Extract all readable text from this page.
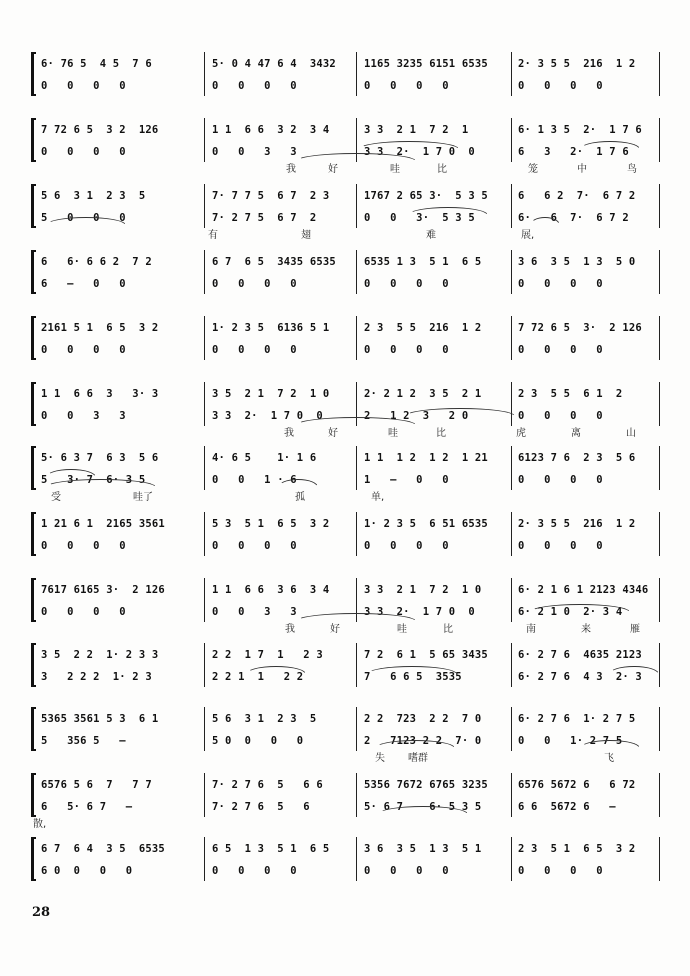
6· 76 5  4 5  7 6
0   0   0   0
5· 0 4 47 6 4  3432
0   0   0   0
1165 3235 6151 6535
0   0   0   0
2· 3 5 5  216  1 2
0   0   0   0
7 72 6 5  3 2  126
0   0   0   0
1 1  6 6  3 2  3 4
0   0   3   3
3 3  2 1  7 2  1
3 3  2·  1 7 0  0
6· 1 3 5  2·  1 7 6
6   3   2·  1 7 6
我	好	哇	比	笼	中	鸟
5 6  3 1  2 3  5
5   0   0   0
7· 7 7 5  6 7  2 3
7· 2 7 5  6 7  2
1767 2 65 3·  5 3 5
0   0   3·  5 3 5
6   6 2  7·  6 7 2
6·   6  7·  6 7 2
有	翅	难	展,
6   6· 6 6 2  7 2
6   —   0   0
6 7  6 5  3435 6535
0   0   0   0
6535 1 3  5 1  6 5
0   0   0   0
3 6  3 5  1 3  5 0
0   0   0   0
2161 5 1  6 5  3 2
0   0   0   0
1· 2 3 5  6136 5 1
0   0   0   0
2 3  5 5  216  1 2
0   0   0   0
7 72 6 5  3·  2 126
0   0   0   0
1 1  6 6  3   3· 3
0   0   3   3
3 5  2 1  7 2  1 0
3 3  2·  1 7 0  0
2· 2 1 2  3 5  2 1
2   1 2  3   2 0
2 3  5 5  6 1  2
0   0   0   0
我	好	哇	比	虎	离	山
5· 6 3 7  6 3  5 6
5   3· 7  6· 3 5
4· 6 5    1· 1 6
0   0   1 · 6
1 1  1 2  1 2  1 21
1   —   0   0
6123 7 6  2 3  5 6
0   0   0   0
受	哇了	孤	单,
1 21 6 1  2165 3561
0   0   0   0
5 3  5 1  6 5  3 2
0   0   0   0
1· 2 3 5  6 51 6535
0   0   0   0
2· 3 5 5  216  1 2
0   0   0   0
7617 6165 3·  2 126
0   0   0   0
1 1  6 6  3 6  3 4
0   0   3   3
3 3  2 1  7 2  1 0
3 3  2·  1 7 0  0
6· 2 1 6 1 2123 4346
6· 2 1 0  2· 3 4
我	好	哇	比	南	来	雁
3 5  2 2  1· 2 3 3
3   2 2 2  1· 2 3
2 2  1 7  1   2 3
2 2 1  1   2 2
7 2  6 1  5 65 3435
7   6 6 5  3535
6· 2 7 6  4635 2123
6· 2 7 6  4 3  2· 3
5365 3561 5 3  6 1
5   356 5   —
5 6  3 1  2 3  5
5 0  0   0   0
2 2  723  2 2  7 0
2   7123 2 2  7· 0
6· 2 7 6  1· 2 7 5
0   0   1· 2 7 5
失 嗜群	飞
6576 5 6  7   7 7
6   5· 6 7   —
7· 2 7 6  5   6 6
7· 2 7 6  5   6
5356 7672 6765 3235
5· 6 7    6· 5 3 5
6576 5672 6   6 72
6 6  5672 6   —
散,
6 7  6 4  3 5  6535
6 0  0   0   0
6 5  1 3  5 1  6 5
0   0   0   0
3 6  3 5  1 3  5 1
0   0   0   0
2 3  5 1  6 5  3 2
0   0   0   0
28
